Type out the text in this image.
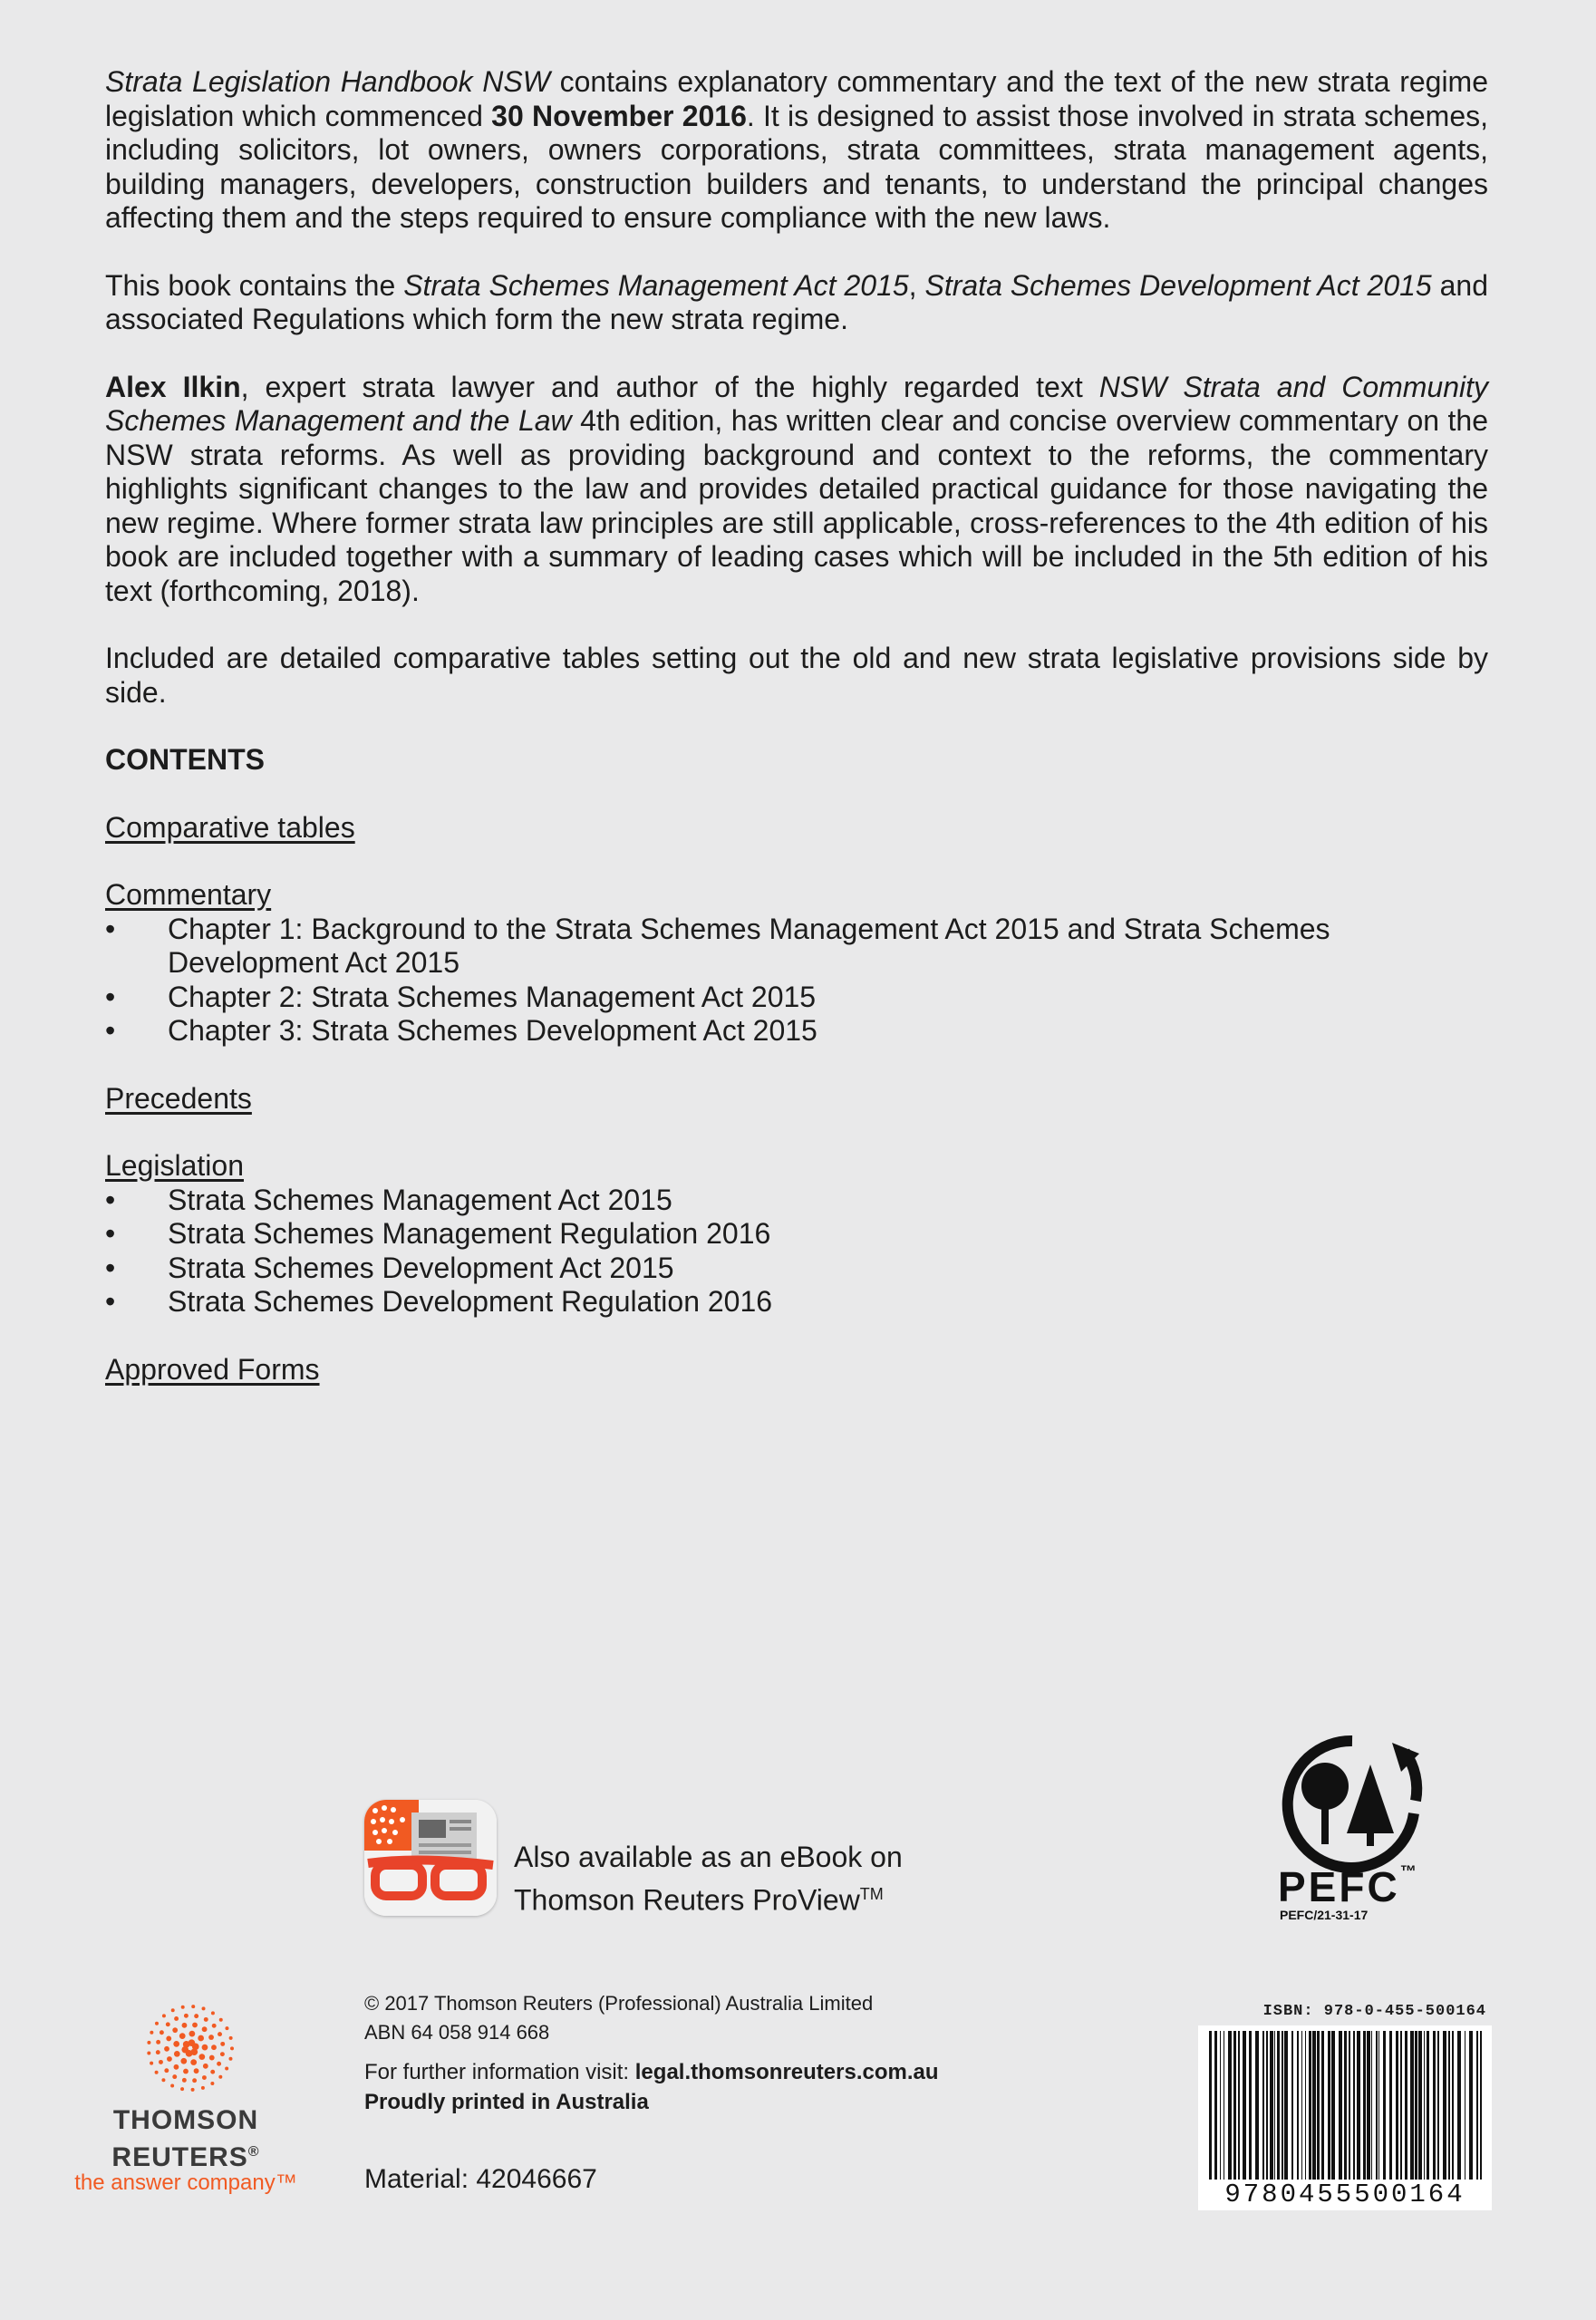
Strata Legislation Handbook NSW contains explanatory commentary and the text of the new strata regime legislation which commenced 30 November 2016. It is designed to assist those involved in strata schemes, including solicitors, lot owners, owners corporations, strata committees, strata management agents, building managers, developers, construction builders and tenants, to understand the principal changes affecting them and the steps required to ensure compliance with the new laws.

This book contains the Strata Schemes Management Act 2015, Strata Schemes Development Act 2015 and associated Regulations which form the new strata regime.

Alex Ilkin, expert strata lawyer and author of the highly regarded text NSW Strata and Community Schemes Management and the Law 4th edition, has written clear and concise overview commentary on the NSW strata reforms. As well as providing background and context to the reforms, the commentary highlights significant changes to the law and provides detailed practical guidance for those navigating the new regime. Where former strata law principles are still applicable, cross-references to the 4th edition of his book are included together with a summary of leading cases which will be included in the 5th edition of his text (forthcoming, 2018).

Included are detailed comparative tables setting out the old and new strata legislative provisions side by side.

CONTENTS
Comparative tables
Commentary
• Chapter 1: Background to the Strata Schemes Management Act 2015 and Strata Schemes Development Act 2015
• Chapter 2: Strata Schemes Management Act 2015
• Chapter 3: Strata Schemes Development Act 2015
Precedents
Legislation
• Strata Schemes Management Act 2015
• Strata Schemes Management Regulation 2016
• Strata Schemes Development Act 2015
• Strata Schemes Development Regulation 2016
Approved Forms
Also available as an eBook on
Thomson Reuters ProView™	PEFC™
PEFC/21-31-17
© 2017 Thomson Reuters (Professional) Australia Limited
ABN 64 058 914 668
For further information visit: legal.thomsonreuters.com.au
Proudly printed in Australia
Material: 42046667
THOMSON
REUTERS®
the answer company™
ISBN: 978-0-455-500164
9780455500164
